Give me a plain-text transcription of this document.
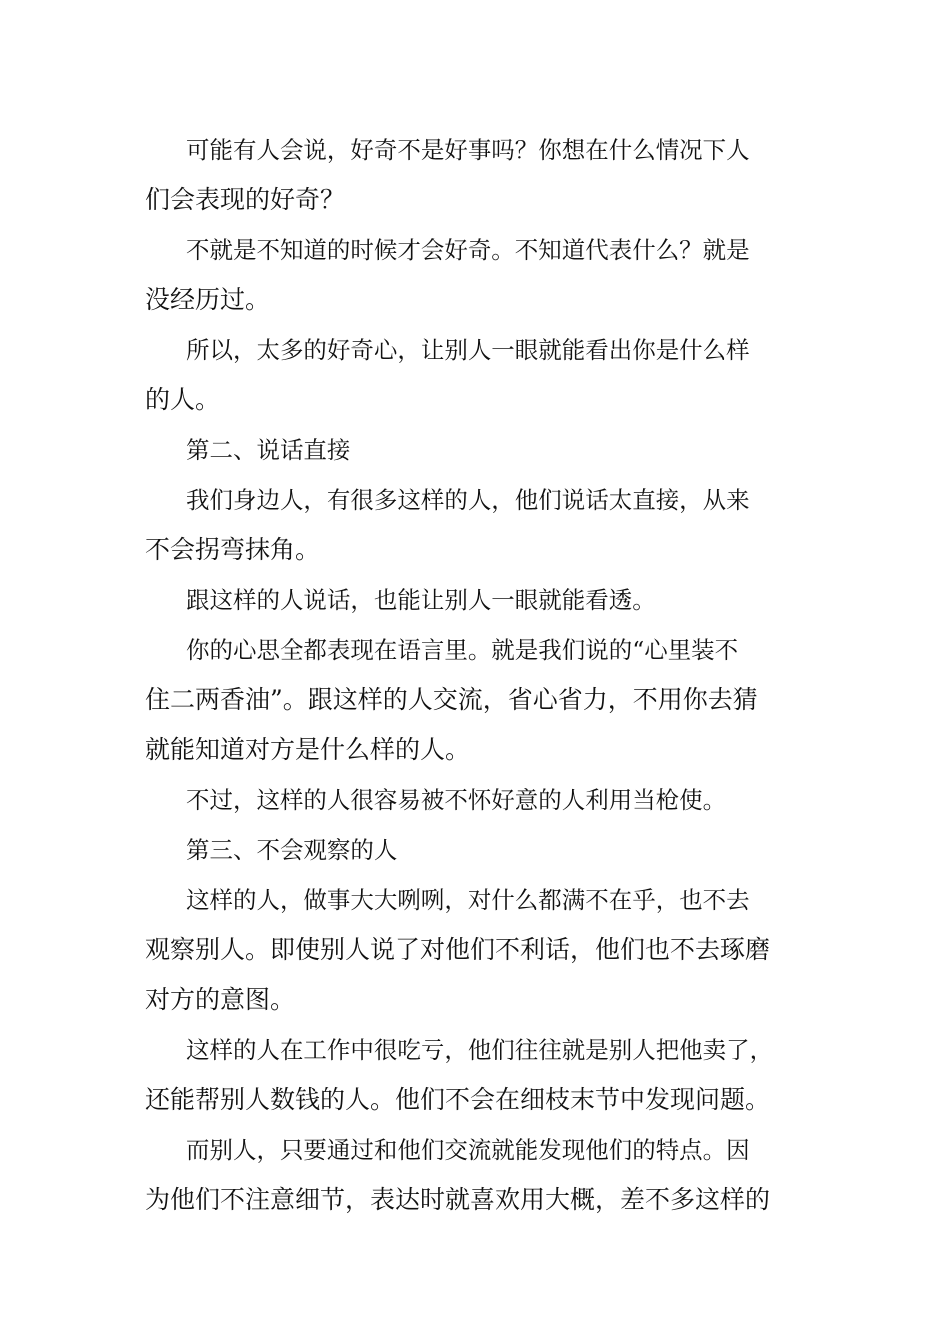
可能有人会说，好奇不是好事吗？你想在什么情况下人
们会表现的好奇？
不就是不知道的时候才会好奇。不知道代表什么？就是
没经历过。
所以，太多的好奇心，让别人一眼就能看出你是什么样
的人。
第二、说话直接
我们身边人，有很多这样的人，他们说话太直接，从来
不会拐弯抹角。
跟这样的人说话，也能让别人一眼就能看透。
你的心思全都表现在语言里。就是我们说的“心里装不
住二两香油”。跟这样的人交流，省心省力，不用你去猜
就能知道对方是什么样的人。
不过，这样的人很容易被不怀好意的人利用当枪使。
第三、不会观察的人
这样的人，做事大大咧咧，对什么都满不在乎，也不去
观察别人。即使别人说了对他们不利话，他们也不去琢磨
对方的意图。
这样的人在工作中很吃亏，他们往往就是别人把他卖了，
还能帮别人数钱的人。他们不会在细枝末节中发现问题。
而别人，只要通过和他们交流就能发现他们的特点。因
为他们不注意细节，表达时就喜欢用大概，差不多这样的
